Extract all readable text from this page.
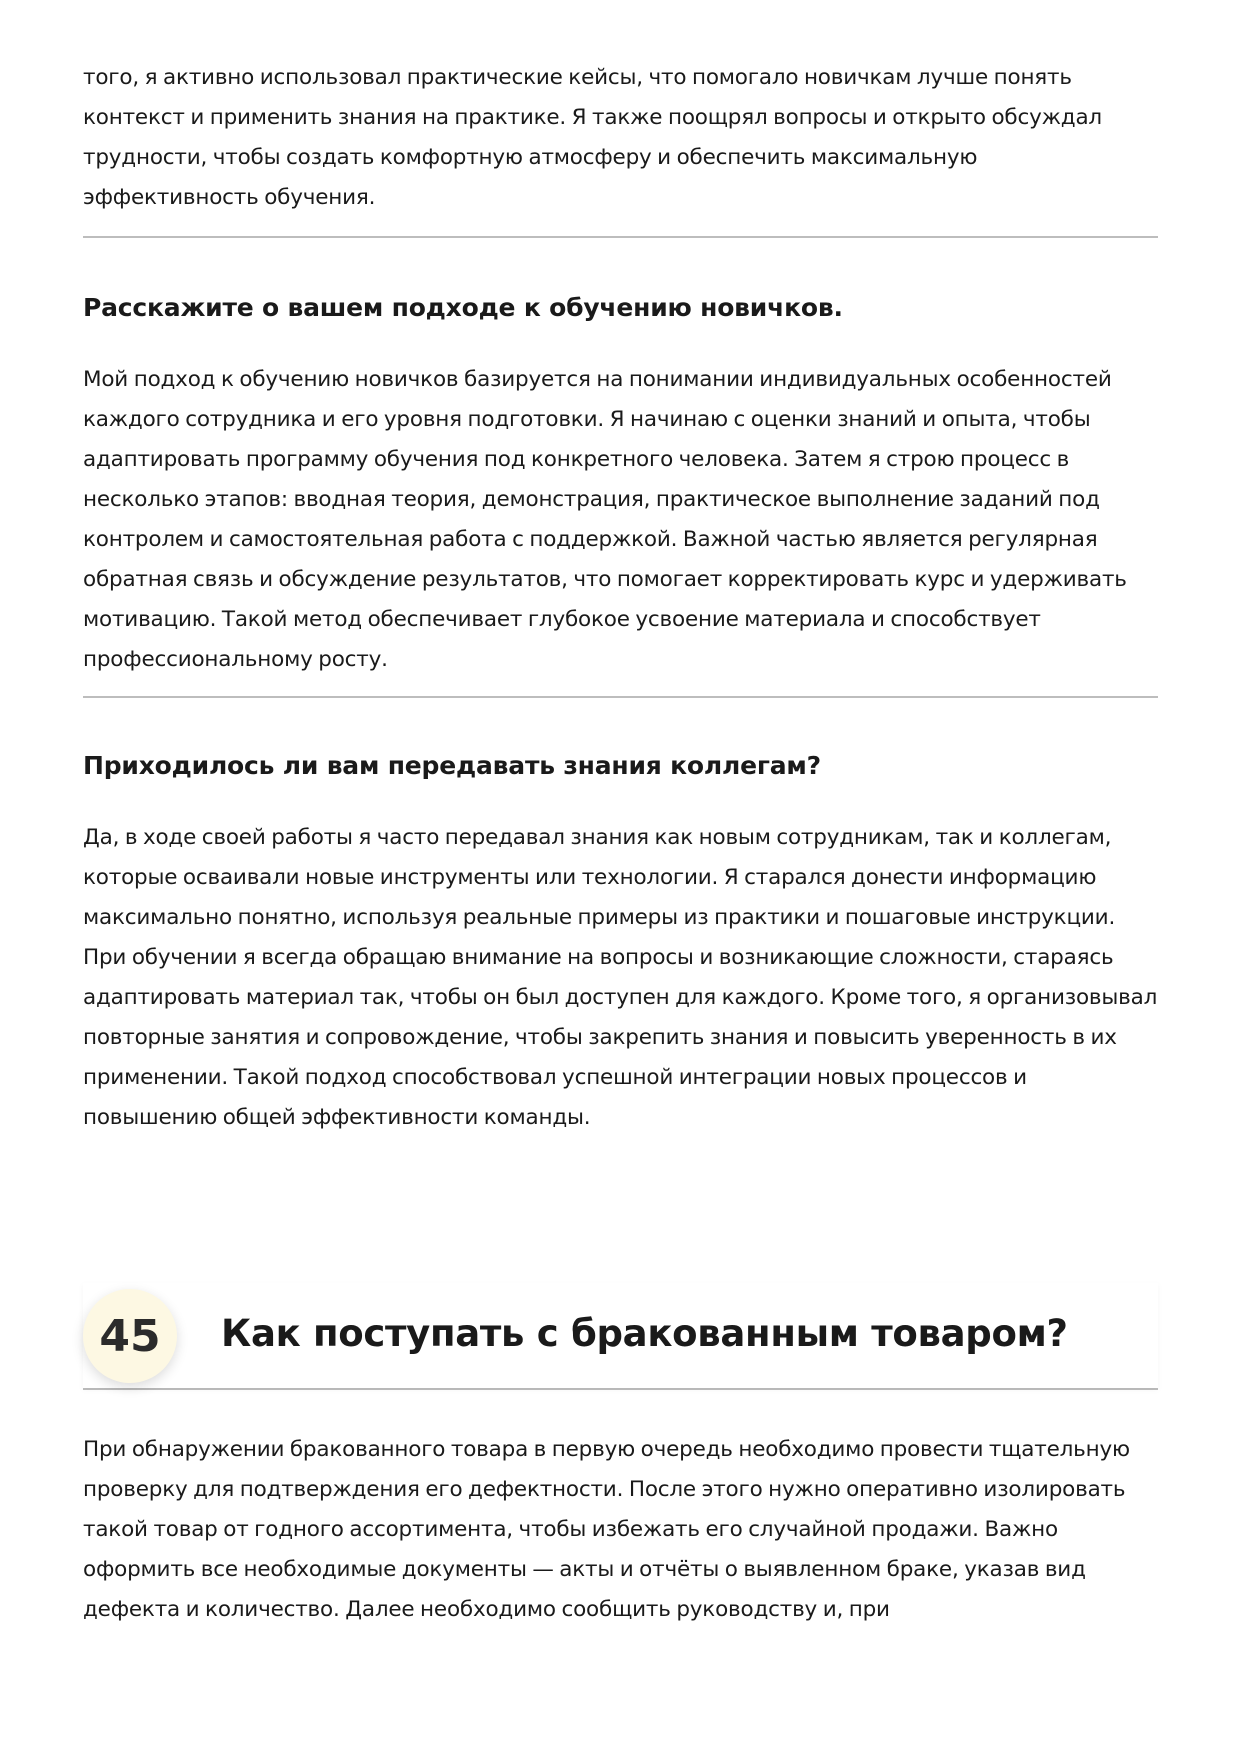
того, я активно использовал практические кейсы, что помогало новичкам лучше понять контекст и применить знания на практике. Я также поощрял вопросы и открыто обсуждал трудности, чтобы создать комфортную атмосферу и обеспечить максимальную эффективность обучения.

Расскажите о вашем подходе к обучению новичков.

Мой подход к обучению новичков базируется на понимании индивидуальных особенностей каждого сотрудника и его уровня подготовки. Я начинаю с оценки знаний и опыта, чтобы адаптировать программу обучения под конкретного человека. Затем я строю процесс в несколько этапов: вводная теория, демонстрация, практическое выполнение заданий под контролем и самостоятельная работа с поддержкой. Важной частью является регулярная обратная связь и обсуждение результатов, что помогает корректировать курс и удерживать мотивацию. Такой метод обеспечивает глубокое усвоение материала и способствует профессиональному росту.

Приходилось ли вам передавать знания коллегам?

Да, в ходе своей работы я часто передавал знания как новым сотрудникам, так и коллегам, которые осваивали новые инструменты или технологии. Я старался донести информацию максимально понятно, используя реальные примеры из практики и пошаговые инструкции. При обучении я всегда обращаю внимание на вопросы и возникающие сложности, стараясь адаптировать материал так, чтобы он был доступен для каждого. Кроме того, я организовывал повторные занятия и сопровождение, чтобы закрепить знания и повысить уверенность в их применении. Такой подход способствовал успешной интеграции новых процессов и повышению общей эффективности команды.

45	Как поступать с бракованным товаром?

При обнаружении бракованного товара в первую очередь необходимо провести тщательную проверку для подтверждения его дефектности. После этого нужно оперативно изолировать такой товар от годного ассортимента, чтобы избежать его случайной продажи. Важно оформить все необходимые документы — акты и отчёты о выявленном браке, указав вид дефекта и количество. Далее необходимо сообщить руководству и, при
